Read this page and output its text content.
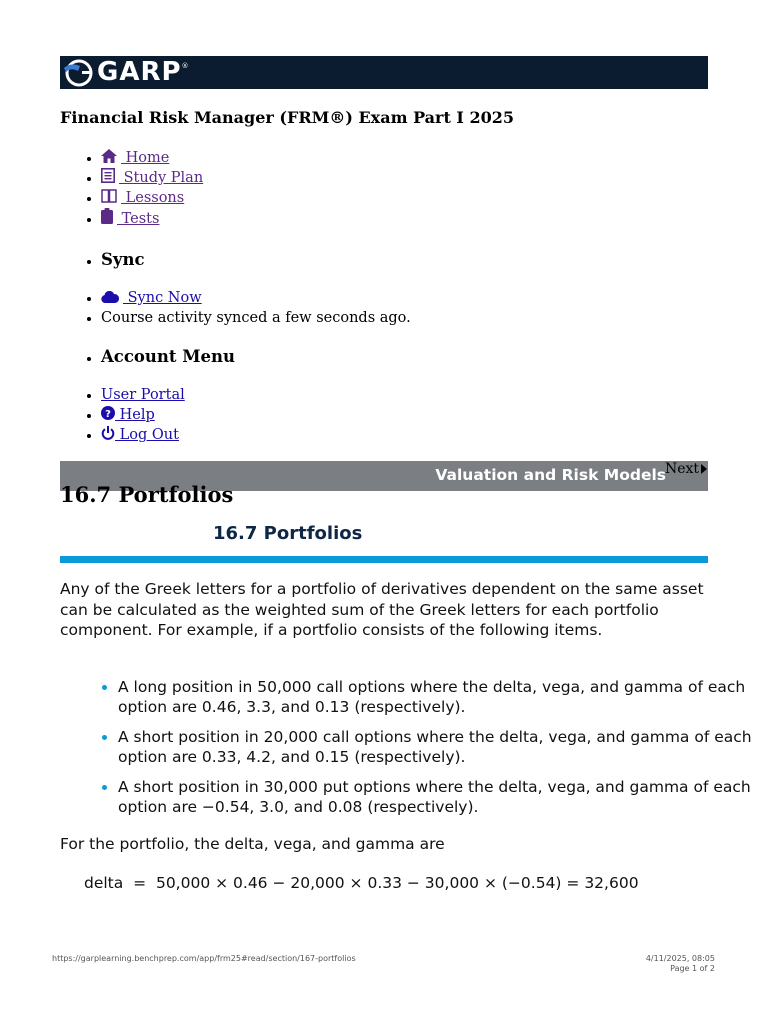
GARP ®
Financial Risk Manager (FRM®) Exam Part I 2025
•  Home
•  Study Plan
•  Lessons
•  Tests
• Sync
•  Sync Now
• Course activity synced a few seconds ago.
• Account Menu
• User Portal
• ? Help
•  Log Out
Valuation and Risk Models Next
16.7 Portfolios
16.7 Portfolios

Any of the Greek letters for a portfolio of derivatives dependent on the same asset can be calculated as the weighted sum of the Greek letters for each portfolio component. For example, if a portfolio consists of the following items.

• A long position in 50,000 call options where the delta, vega, and gamma of each option are 0.46, 3.3, and 0.13 (respectively).
• A short position in 20,000 call options where the delta, vega, and gamma of each option are 0.33, 4.2, and 0.15 (respectively).
• A short position in 30,000 put options where the delta, vega, and gamma of each option are −0.54, 3.0, and 0.08 (respectively).

For the portfolio, the delta, vega, and gamma are

delta  =  50,000 × 0.46 − 20,000 × 0.33 − 30,000 × (−0.54) = 32,600
https://garplearning.benchprep.com/app/frm25#read/section/167-portfolios	4/11/2025, 08:05
Page 1 of 2
